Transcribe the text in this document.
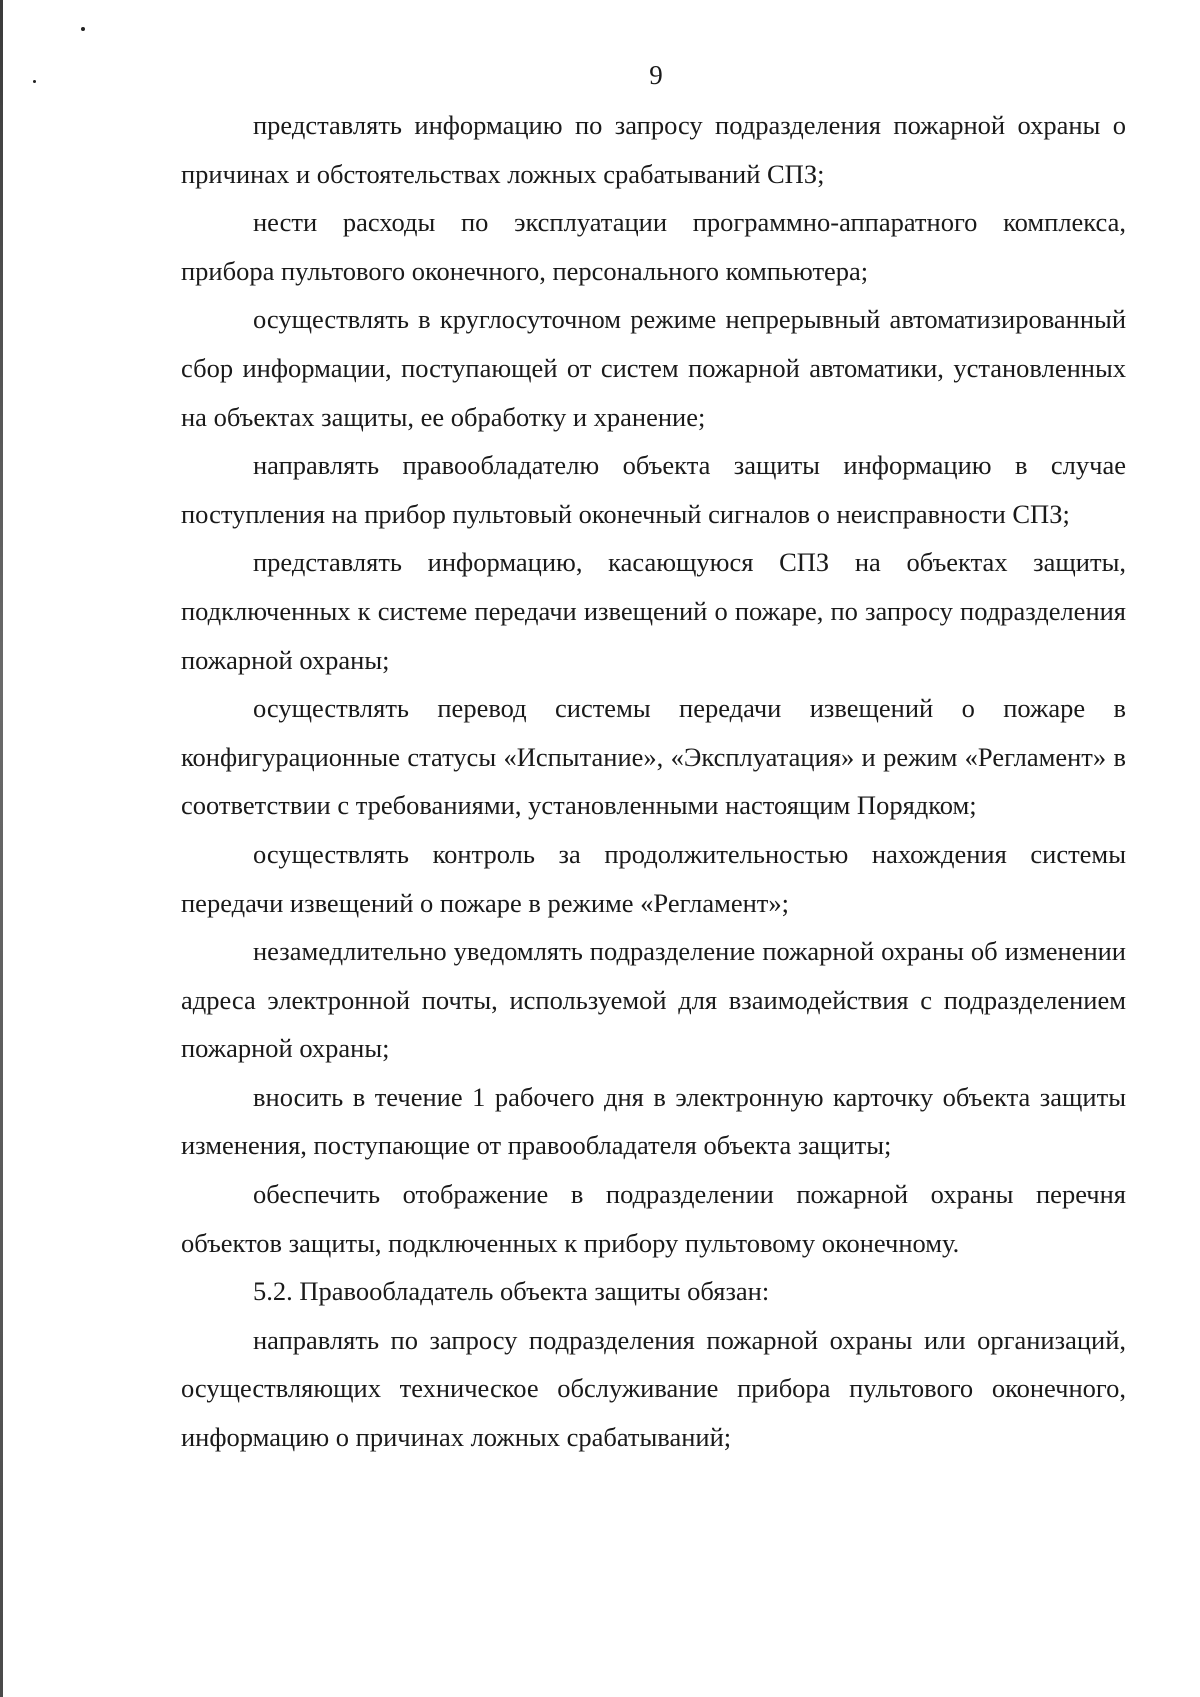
9

представлять информацию по запросу подразделения пожарной охраны о причинах и обстоятельствах ложных срабатываний СПЗ;

нести расходы по эксплуатации программно-аппаратного комплекса, прибора пультового оконечного, персонального компьютера;

осуществлять в круглосуточном режиме непрерывный автоматизированный сбор информации, поступающей от систем пожарной автоматики, установленных на объектах защиты, ее обработку и хранение;

направлять правообладателю объекта защиты информацию в случае поступления на прибор пультовый оконечный сигналов о неисправности СПЗ;

представлять информацию, касающуюся СПЗ на объектах защиты, подключенных к системе передачи извещений о пожаре, по запросу подразделения пожарной охраны;

осуществлять перевод системы передачи извещений о пожаре в конфигурационные статусы «Испытание», «Эксплуатация» и режим «Регламент» в соответствии с требованиями, установленными настоящим Порядком;

осуществлять контроль за продолжительностью нахождения системы передачи извещений о пожаре в режиме «Регламент»;

незамедлительно уведомлять подразделение пожарной охраны об изменении адреса электронной почты, используемой для взаимодействия с подразделением пожарной охраны;

вносить в течение 1 рабочего дня в электронную карточку объекта защиты изменения, поступающие от правообладателя объекта защиты;

обеспечить отображение в подразделении пожарной охраны перечня объектов защиты, подключенных к прибору пультовому оконечному.

5.2. Правообладатель объекта защиты обязан:

направлять по запросу подразделения пожарной охраны или организаций, осуществляющих техническое обслуживание прибора пультового оконечного, информацию о причинах ложных срабатываний;
